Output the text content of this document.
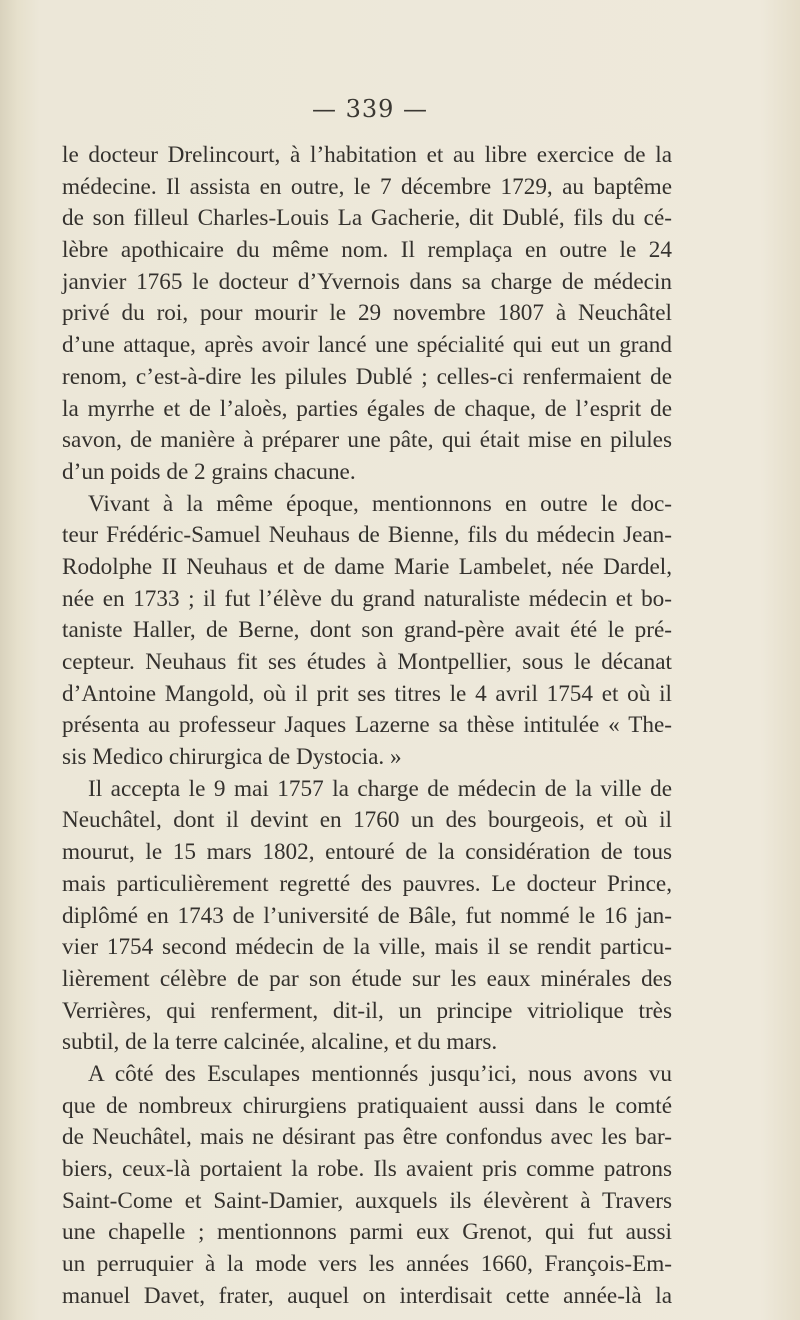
— 339 —
le docteur Drelincourt, à l’habitation et au libre exercice de la
médecine. Il assista en outre, le 7 décembre 1729, au baptême
de son filleul Charles-Louis La Gacherie, dit Dublé, fils du cé-
lèbre apothicaire du même nom. Il remplaça en outre le 24
janvier 1765 le docteur d’Yvernois dans sa charge de médecin
privé du roi, pour mourir le 29 novembre 1807 à Neuchâtel
d’une attaque, après avoir lancé une spécialité qui eut un grand
renom, c’est-à-dire les pilules Dublé ; celles-ci renfermaient de
la myrrhe et de l’aloès, parties égales de chaque, de l’esprit de
savon, de manière à préparer une pâte, qui était mise en pilules
d’un poids de 2 grains chacune.
Vivant à la même époque, mentionnons en outre le doc-
teur Frédéric-Samuel Neuhaus de Bienne, fils du médecin Jean-
Rodolphe II Neuhaus et de dame Marie Lambelet, née Dardel,
née en 1733 ; il fut l’élève du grand naturaliste médecin et bo-
taniste Haller, de Berne, dont son grand-père avait été le pré-
cepteur. Neuhaus fit ses études à Montpellier, sous le décanat
d’Antoine Mangold, où il prit ses titres le 4 avril 1754 et où il
présenta au professeur Jaques Lazerne sa thèse intitulée « The-
sis Medico chirurgica de Dystocia. »
Il accepta le 9 mai 1757 la charge de médecin de la ville de
Neuchâtel, dont il devint en 1760 un des bourgeois, et où il
mourut, le 15 mars 1802, entouré de la considération de tous
mais particulièrement regretté des pauvres. Le docteur Prince,
diplômé en 1743 de l’université de Bâle, fut nommé le 16 jan-
vier 1754 second médecin de la ville, mais il se rendit particu-
lièrement célèbre de par son étude sur les eaux minérales des
Verrières, qui renferment, dit-il, un principe vitriolique très
subtil, de la terre calcinée, alcaline, et du mars.
A côté des Esculapes mentionnés jusqu’ici, nous avons vu
que de nombreux chirurgiens pratiquaient aussi dans le comté
de Neuchâtel, mais ne désirant pas être confondus avec les bar-
biers, ceux-là portaient la robe. Ils avaient pris comme patrons
Saint-Come et Saint-Damier, auxquels ils élevèrent à Travers
une chapelle ; mentionnons parmi eux Grenot, qui fut aussi
un perruquier à la mode vers les années 1660, François-Em-
manuel Davet, frater, auquel on interdisait cette année-là la
